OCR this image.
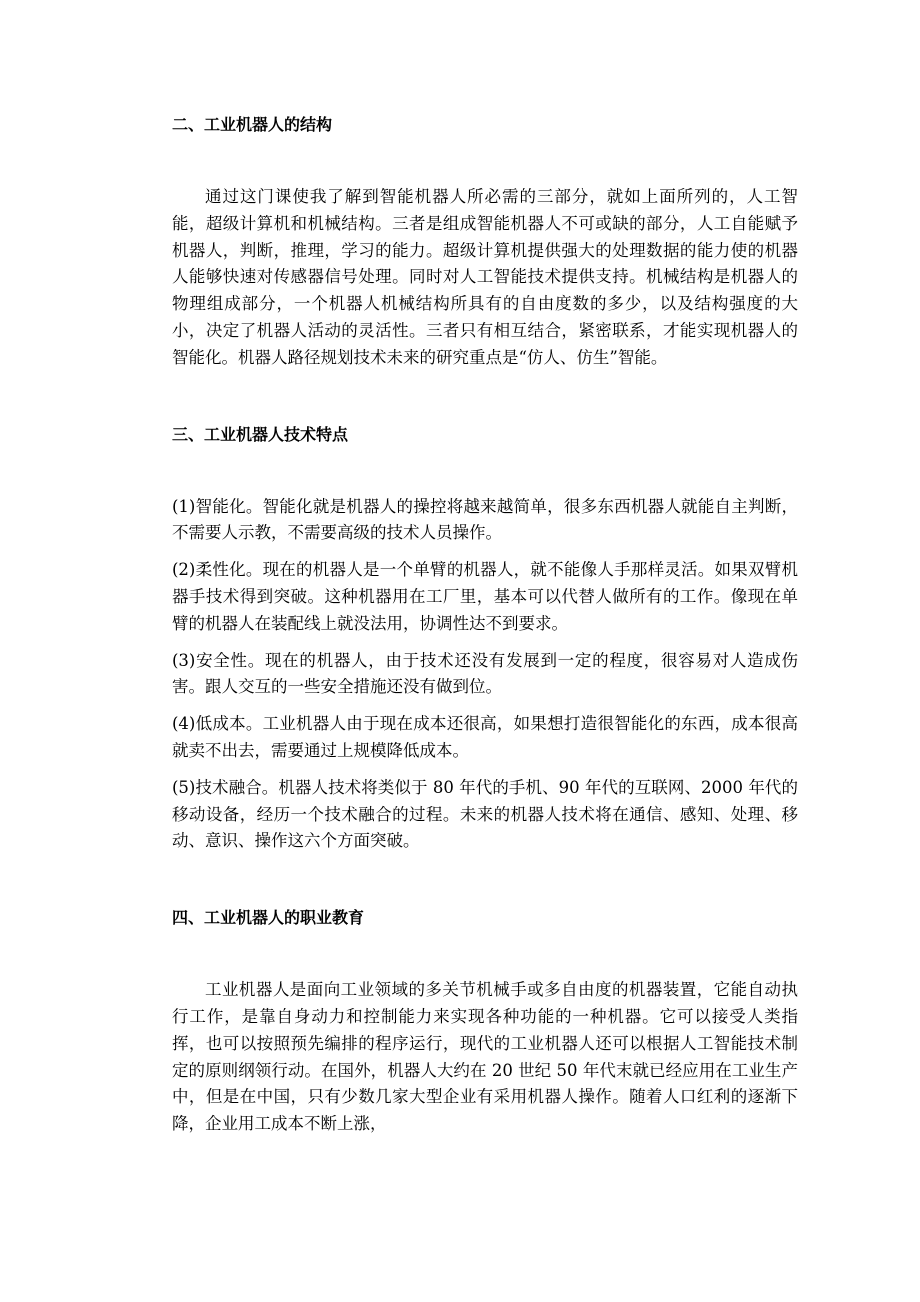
二、工业机器人的结构

通过这门课使我了解到智能机器人所必需的三部分，就如上面所列的，人工智能，超级计算机和机械结构。三者是组成智能机器人不可或缺的部分，人工自能赋予机器人，判断，推理，学习的能力。超级计算机提供强大的处理数据的能力使的机器人能够快速对传感器信号处理。同时对人工智能技术提供支持。机械结构是机器人的物理组成部分，一个机器人机械结构所具有的自由度数的多少，以及结构强度的大小，决定了机器人活动的灵活性。三者只有相互结合，紧密联系，才能实现机器人的智能化。机器人路径规划技术未来的研究重点是“仿人、仿生”智能。

三、工业机器人技术特点

(1)智能化。智能化就是机器人的操控将越来越简单，很多东西机器人就能自主判断，不需要人示教，不需要高级的技术人员操作。

(2)柔性化。现在的机器人是一个单臂的机器人，就不能像人手那样灵活。如果双臂机器手技术得到突破。这种机器用在工厂里，基本可以代替人做所有的工作。像现在单臂的机器人在装配线上就没法用，协调性达不到要求。

(3)安全性。现在的机器人，由于技术还没有发展到一定的程度，很容易对人造成伤害。跟人交互的一些安全措施还没有做到位。

(4)低成本。工业机器人由于现在成本还很高，如果想打造很智能化的东西，成本很高就卖不出去，需要通过上规模降低成本。

(5)技术融合。机器人技术将类似于 80 年代的手机、90 年代的互联网、2000 年代的移动设备，经历一个技术融合的过程。未来的机器人技术将在通信、感知、处理、移动、意识、操作这六个方面突破。

四、工业机器人的职业教育

工业机器人是面向工业领域的多关节机械手或多自由度的机器装置，它能自动执行工作，是靠自身动力和控制能力来实现各种功能的一种机器。它可以接受人类指挥，也可以按照预先编排的程序运行，现代的工业机器人还可以根据人工智能技术制定的原则纲领行动。在国外，机器人大约在 20 世纪 50 年代末就已经应用在工业生产中，但是在中国，只有少数几家大型企业有采用机器人操作。随着人口红利的逐渐下降，企业用工成本不断上涨，
